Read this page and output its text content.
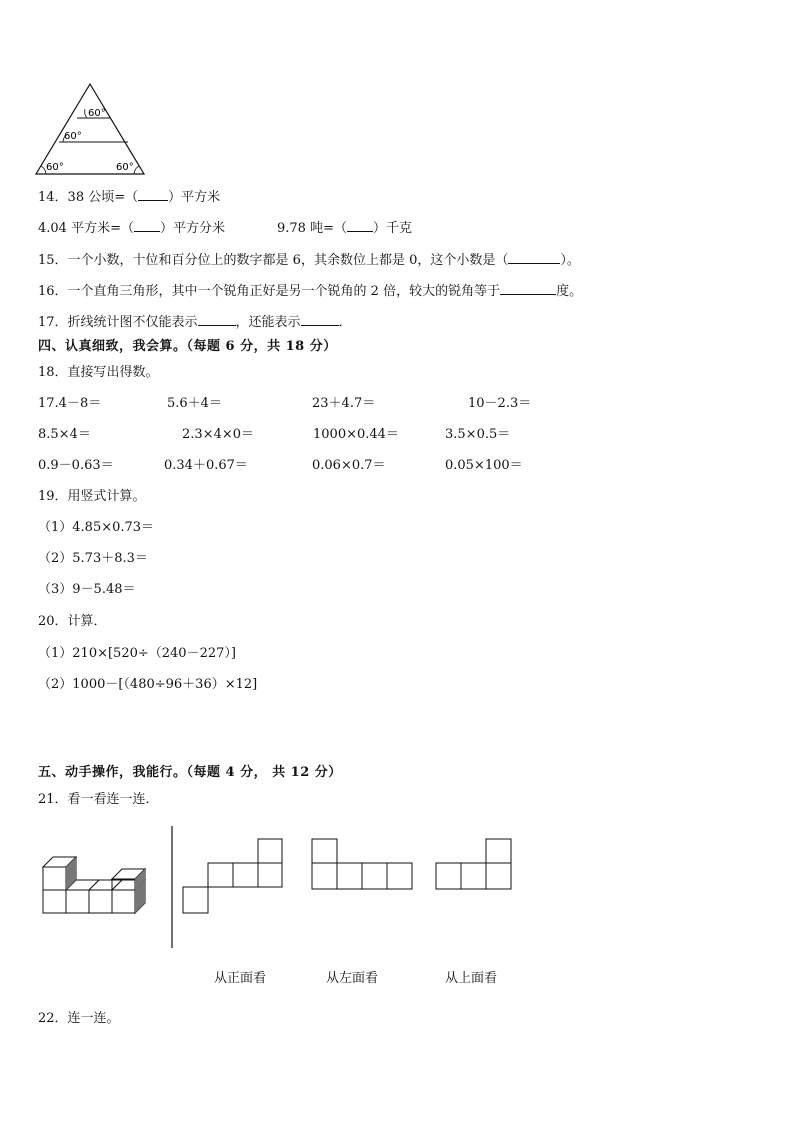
60°
60°
60°	60°
14．38 公顷=（ ）平方米
4.04 平方米=（ ）平方分米	9.78 吨=（ ）千克
15．一个小数，十位和百分位上的数字都是 6，其余数位上都是 0，这个小数是（	）。
16．一个直角三角形，其中一个锐角正好是另一个锐角的 2 倍，较大的锐角等于	度。
17．折线统计图不仅能表示	，还能表示	．
四、认真细致，我会算。（每题 6 分，共 18 分）
18．直接写出得数。
17.4－8＝	5.6＋4＝	23＋4.7＝	10－2.3＝
8.5×4＝	2.3×4×0＝	1000×0.44＝	3.5×0.5＝
0.9－0.63＝	0.34＋0.67＝	0.06×0.7＝	0.05×100＝
19．用竖式计算。
（1）4.85×0.73＝
（2）5.73＋8.3＝
（3）9－5.48＝
20．计算．
（1）210×[520÷（240－227）]
（2）1000－[（480÷96＋36）×12]
五、动手操作，我能行。（每题 4 分， 共 12 分）
21．看一看连一连．
从正面看	从左面看	从上面看
22．连一连。
